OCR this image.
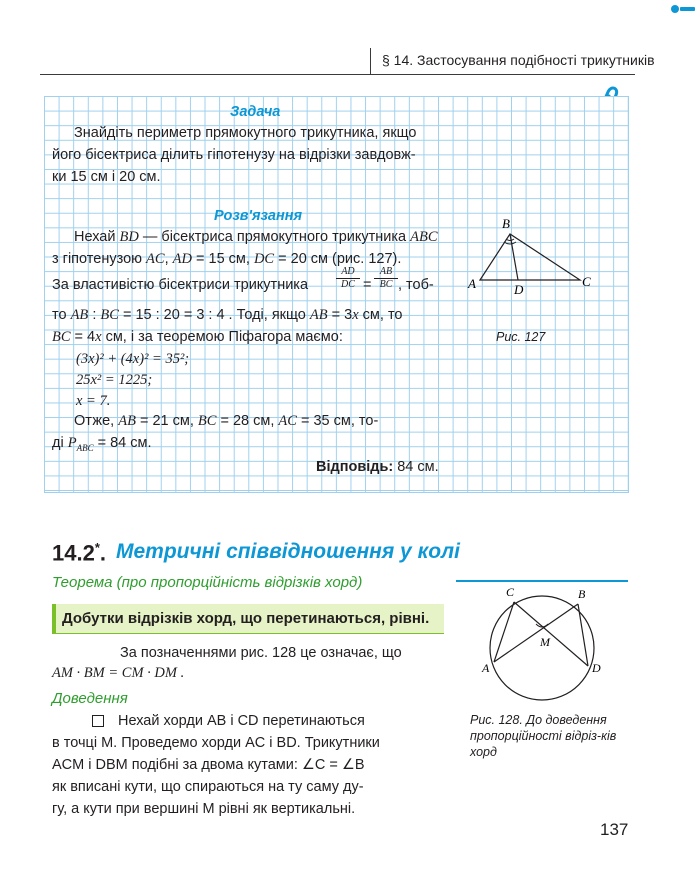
§ 14. Застосування подібності трикутників
Задача
Знайдіть периметр прямокутного трикутника, якщо
його бісектриса ділить гіпотенузу на відрізки завдовж-
ки 15 см і 20 см.
Розв'язання
Нехай BD — бісектриса прямокутного трикутника ABC
з гіпотенузою AC, AD = 15 см, DC = 20 см (рис. 127).
За властивістю бісектриси трикутника	$\frac{AD}{DC} = \frac{AB}{BC}$ , тоб-
то AB : BC = 15 : 20 = 3 : 4 . Тоді, якщо AB = 3x см, то
BC = 4x см, і за теоремою Піфагора маємо:
(3x)² + (4x)² = 35²;
25x² = 1225;
x = 7.
Отже, AB = 21 см, BC = 28 см, AC = 35 см, то-
ді $P_{ABC} = 84$ см.
Відповідь: 84 см.
B
A	C
D
Рис. 127
14.2*. Метричні співвідношення у колі
Теорема (про пропорційність відрізків хорд)
Добутки відрізків хорд, що перетинаються, рівні.
За позначеннями рис. 128 це означає, що
AM · BM = CM · DM .
Доведення
Нехай хорди AB і CD перетинаються
в точці M. Проведемо хорди AC і BD. Трикутники
ACM і DBM подібні за двома кутами: ∠C = ∠B
як вписані кути, що спираються на ту саму ду-
гу, а кути при вершині M рівні як вертикальні.
C	B
A	D
M
Рис. 128. До доведення пропорційності відріз-ків хорд
137
